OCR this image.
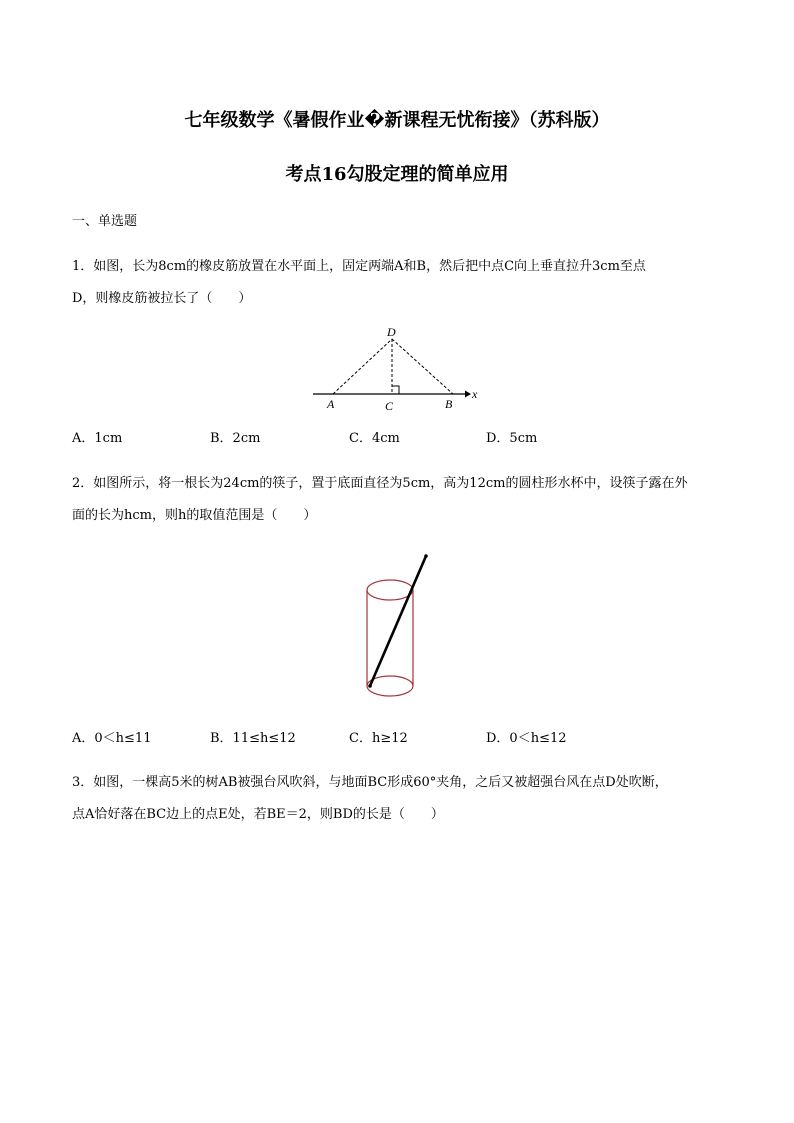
七年级数学《暑假作业�新课程无忧衔接》（苏科版）
考点16勾股定理的简单应用
一、单选题
1．如图，长为8cm的橡皮筋放置在水平面上，固定两端A和B，然后把中点C向上垂直拉升3cm至点
D，则橡皮筋被拉长了（　　）
D
A	C	B
x
A．1cm	B．2cm	C．4cm	D．5cm
2．如图所示，将一根长为24cm的筷子，置于底面直径为5cm，高为12cm的圆柱形水杯中，设筷子露在外
面的长为hcm，则h的取值范围是（　　）
A．0＜h≤11	B．11≤h≤12	C．h≥12	D．0＜h≤12
3．如图，一棵高5米的树AB被强台风吹斜，与地面BC形成60°夹角，之后又被超强台风在点D处吹断，
点A恰好落在BC边上的点E处，若BE＝2，则BD的长是（　　）
